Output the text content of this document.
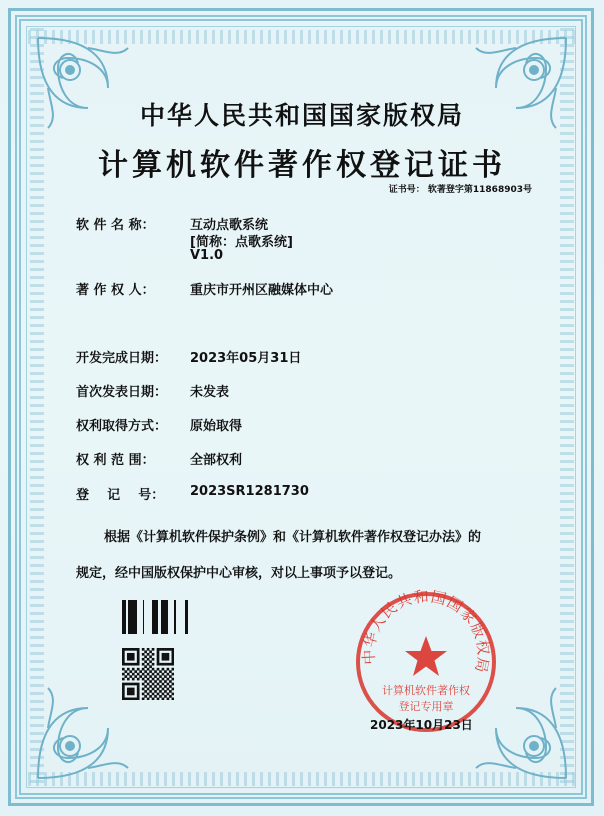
中华人民共和国国家版权局
计算机软件著作权登记证书
证书号： 软著登字第11868903号
软 件 名 称：	互动点歌系统
[简称：点歌系统]
V1.0
著 作 权 人：	重庆市开州区融媒体中心
开发完成日期：	2023年05月31日
首次发表日期：	未发表
权利取得方式：	原始取得
权 利 范 围：	全部权利
登    记    号：	2023SR1281730
根据《计算机软件保护条例》和《计算机软件著作权登记办法》的
规定，经中国版权保护中心审核，对以上事项予以登记。
中华人民共和国国家版权局
计算机软件著作权
登记专用章
2023年10月23日
